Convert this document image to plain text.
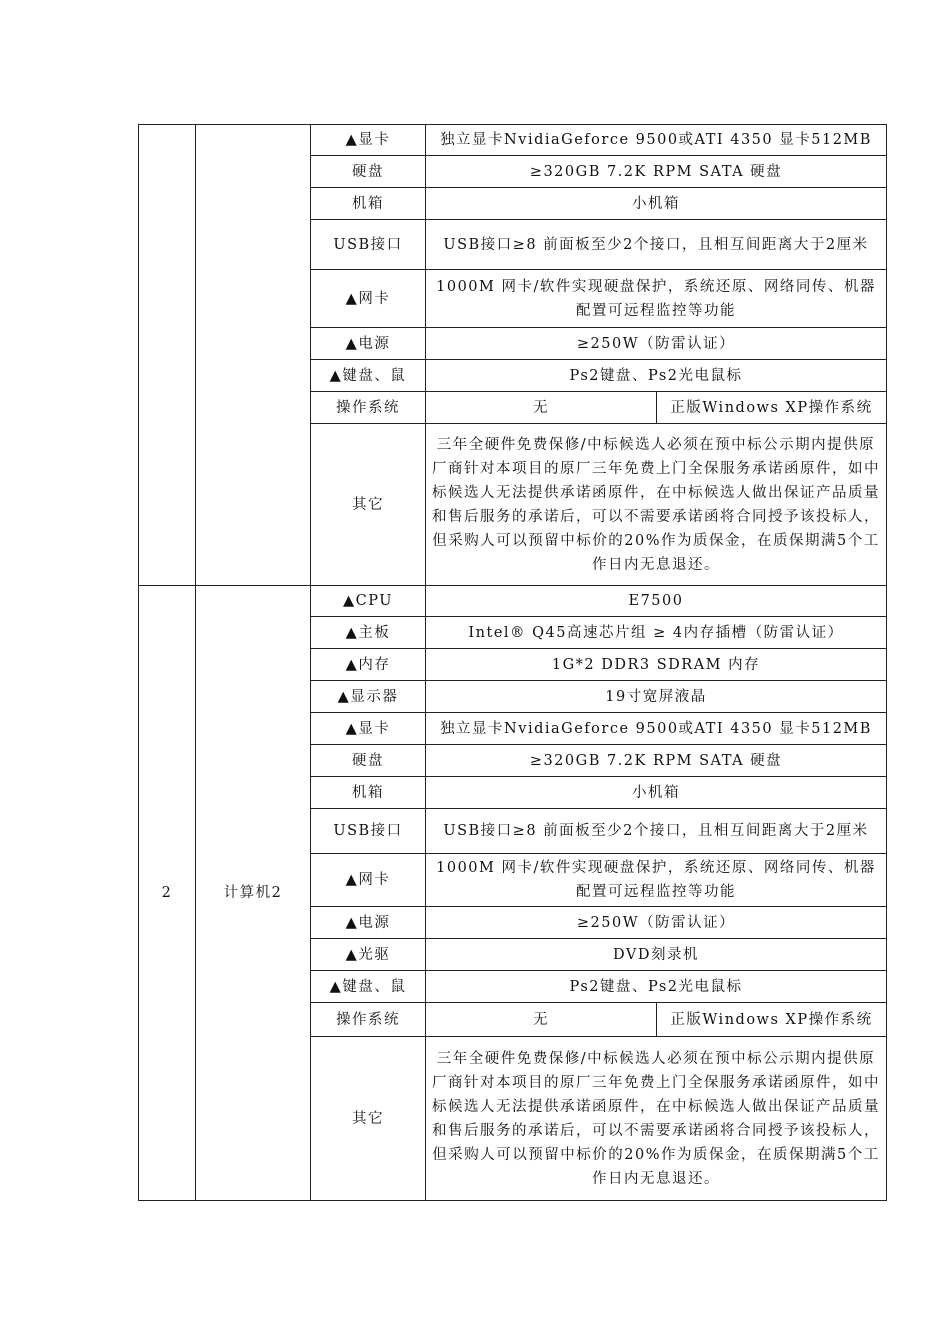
		▲显卡	独立显卡NvidiaGeforce 9500或ATI 4350 显卡512MB	
		硬盘	≥320GB 7.2K RPM SATA 硬盘	
		机箱	小机箱	
		USB接口	USB接口≥8 前面板至少2个接口，且相互间距离大于2厘米	
		▲网卡	1000M 网卡/软件实现硬盘保护，系统还原、网络同传、机器配置可远程监控等功能	
		▲电源	≥250W（防雷认证）	
		▲键盘、鼠	Ps2键盘、Ps2光电鼠标	
		操作系统	无	正版Windows XP操作系统
		其它	三年全硬件免费保修/中标候选人必须在预中标公示期内提供原厂商针对本项目的原厂三年免费上门全保服务承诺函原件，如中标候选人无法提供承诺函原件，在中标候选人做出保证产品质量和售后服务的承诺后，可以不需要承诺函将合同授予该投标人，但采购人可以预留中标价的20%作为质保金，在质保期满5个工作日内无息退还。	
2	计算机2	▲CPU	E7500	
		▲主板	Intel® Q45高速芯片组 ≥ 4内存插槽（防雷认证）	
		▲内存	1G*2 DDR3 SDRAM 内存	
		▲显示器	19寸宽屏液晶	
		▲显卡	独立显卡NvidiaGeforce 9500或ATI 4350 显卡512MB	
		硬盘	≥320GB 7.2K RPM SATA 硬盘	
		机箱	小机箱	
		USB接口	USB接口≥8 前面板至少2个接口，且相互间距离大于2厘米	
		▲网卡	1000M 网卡/软件实现硬盘保护，系统还原、网络同传、机器配置可远程监控等功能	
		▲电源	≥250W（防雷认证）	
		▲光驱	DVD刻录机	
		▲键盘、鼠	Ps2键盘、Ps2光电鼠标	
		操作系统	无	正版Windows XP操作系统
		其它	三年全硬件免费保修/中标候选人必须在预中标公示期内提供原厂商针对本项目的原厂三年免费上门全保服务承诺函原件，如中标候选人无法提供承诺函原件，在中标候选人做出保证产品质量和售后服务的承诺后，可以不需要承诺函将合同授予该投标人，但采购人可以预留中标价的20%作为质保金，在质保期满5个工作日内无息退还。	
